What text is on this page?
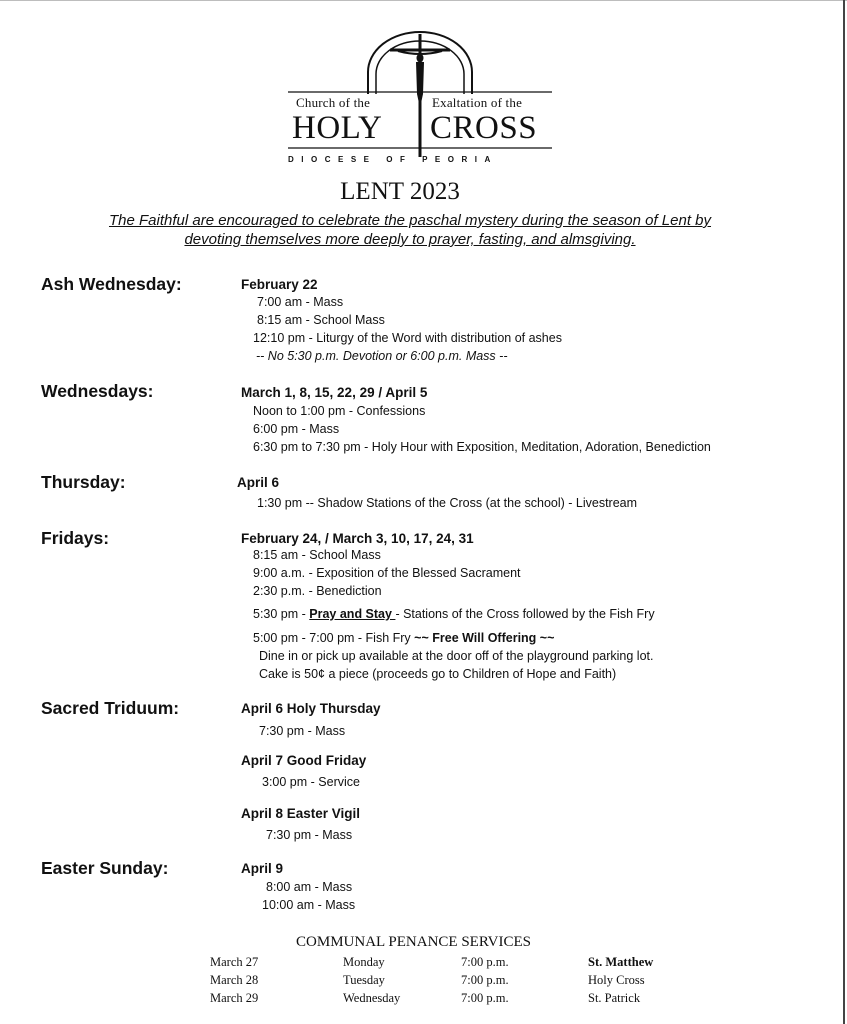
Church of the	Exaltation of the
HOLY CROSS
DIOCESE OF PEORIA
LENT 2023
The Faithful are encouraged to celebrate the paschal mystery during the season of Lent by devoting themselves more deeply to prayer, fasting, and almsgiving.
Ash Wednesday:	February 22
7:00 am - Mass
8:15 am - School Mass
12:10 pm - Liturgy of the Word with distribution of ashes
-- No 5:30 p.m. Devotion or 6:00 p.m. Mass --
Wednesdays:	March 1, 8, 15, 22, 29 / April 5
Noon to 1:00 pm - Confessions
6:00 pm - Mass
6:30 pm to 7:30 pm - Holy Hour with Exposition, Meditation, Adoration, Benediction
Thursday:	April 6
1:30 pm -- Shadow Stations of the Cross (at the school) - Livestream
Fridays:	February 24, / March 3, 10, 17, 24, 31
8:15 am - School Mass
9:00 a.m. - Exposition of the Blessed Sacrament
2:30 p.m. - Benediction
5:30 pm - Pray and Stay - Stations of the Cross followed by the Fish Fry
5:00 pm - 7:00 pm - Fish Fry ~~ Free Will Offering ~~
Dine in or pick up available at the door off of the playground parking lot.
Cake is 50¢ a piece (proceeds go to Children of Hope and Faith)
Sacred Triduum:	April 6 Holy Thursday
7:30 pm - Mass
April 7 Good Friday
3:00 pm - Service
April 8 Easter Vigil
7:30 pm - Mass
Easter Sunday:	April 9
8:00 am - Mass
10:00 am - Mass
COMMUNAL PENANCE SERVICES
March 27	Monday	7:00 p.m.	St. Matthew
March 28	Tuesday	7:00 p.m.	Holy Cross
March 29	Wednesday	7:00 p.m.	St. Patrick
